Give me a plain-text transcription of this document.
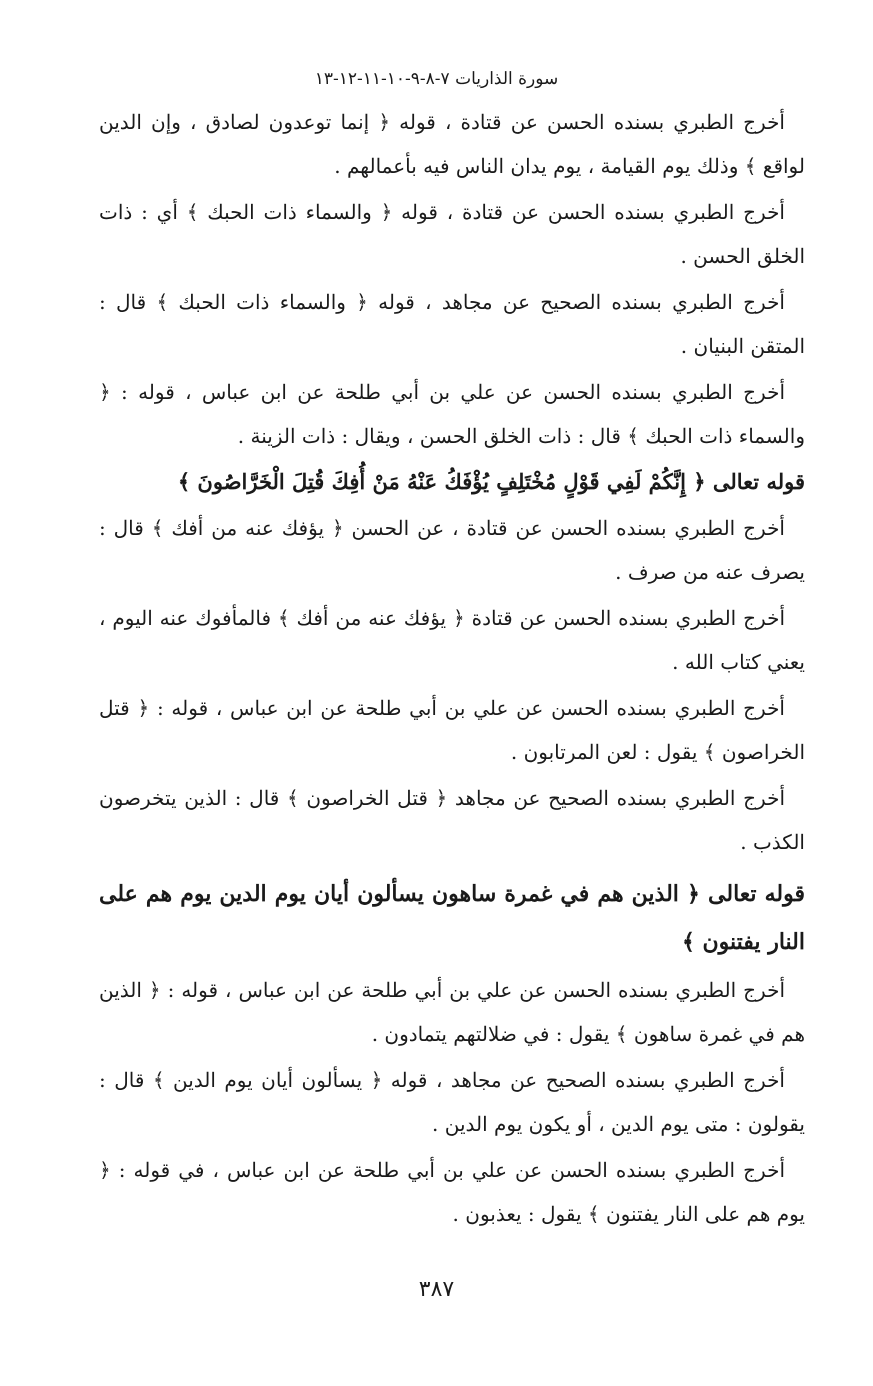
سورة الذاريات ٧-٨-٩-١٠-١١-١٢-١٣

أخرج الطبري بسنده الحسن عن قتادة ، قوله ﴿ إنما توعدون لصادق ، وإن الدين لواقع ﴾ وذلك يوم القيامة ، يوم يدان الناس فيه بأعمالهم .

أخرج الطبري بسنده الحسن عن قتادة ، قوله ﴿ والسماء ذات الحبك ﴾ أي : ذات الخلق الحسن .

أخرج الطبري بسنده الصحيح عن مجاهد ، قوله ﴿ والسماء ذات الحبك ﴾ قال : المتقن البنيان .

أخرج الطبري بسنده الحسن عن علي بن أبي طلحة عن ابن عباس ، قوله : ﴿ والسماء ذات الحبك ﴾ قال : ذات الخلق الحسن ، ويقال : ذات الزينة .

قوله تعالى ﴿ إِنَّكُمْ لَفِي قَوْلٍ مُخْتَلِفٍ يُؤْفَكُ عَنْهُ مَنْ أُفِكَ قُتِلَ الْخَرَّاصُونَ ﴾

أخرج الطبري بسنده الحسن عن قتادة ، عن الحسن ﴿ يؤفك عنه من أفك ﴾ قال : يصرف عنه من صرف .

أخرج الطبري بسنده الحسن عن قتادة ﴿ يؤفك عنه من أفك ﴾ فالمأفوك عنه اليوم ، يعني كتاب الله .

أخرج الطبري بسنده الحسن عن علي بن أبي طلحة عن ابن عباس ، قوله : ﴿ قتل الخراصون ﴾ يقول : لعن المرتابون .

أخرج الطبري بسنده الصحيح عن مجاهد ﴿ قتل الخراصون ﴾ قال : الذين يتخرصون الكذب .

قوله تعالى ﴿ الذين هم في غمرة ساهون يسألون أيان يوم الدين يوم هم على النار يفتنون ﴾

أخرج الطبري بسنده الحسن عن علي بن أبي طلحة عن ابن عباس ، قوله : ﴿ الذين هم في غمرة ساهون ﴾ يقول : في ضلالتهم يتمادون .

أخرج الطبري بسنده الصحيح عن مجاهد ، قوله ﴿ يسألون أيان يوم الدين ﴾ قال : يقولون : متى يوم الدين ، أو يكون يوم الدين .

أخرج الطبري بسنده الحسن عن علي بن أبي طلحة عن ابن عباس ، في قوله : ﴿ يوم هم على النار يفتنون ﴾ يقول : يعذبون .

٣٨٧
